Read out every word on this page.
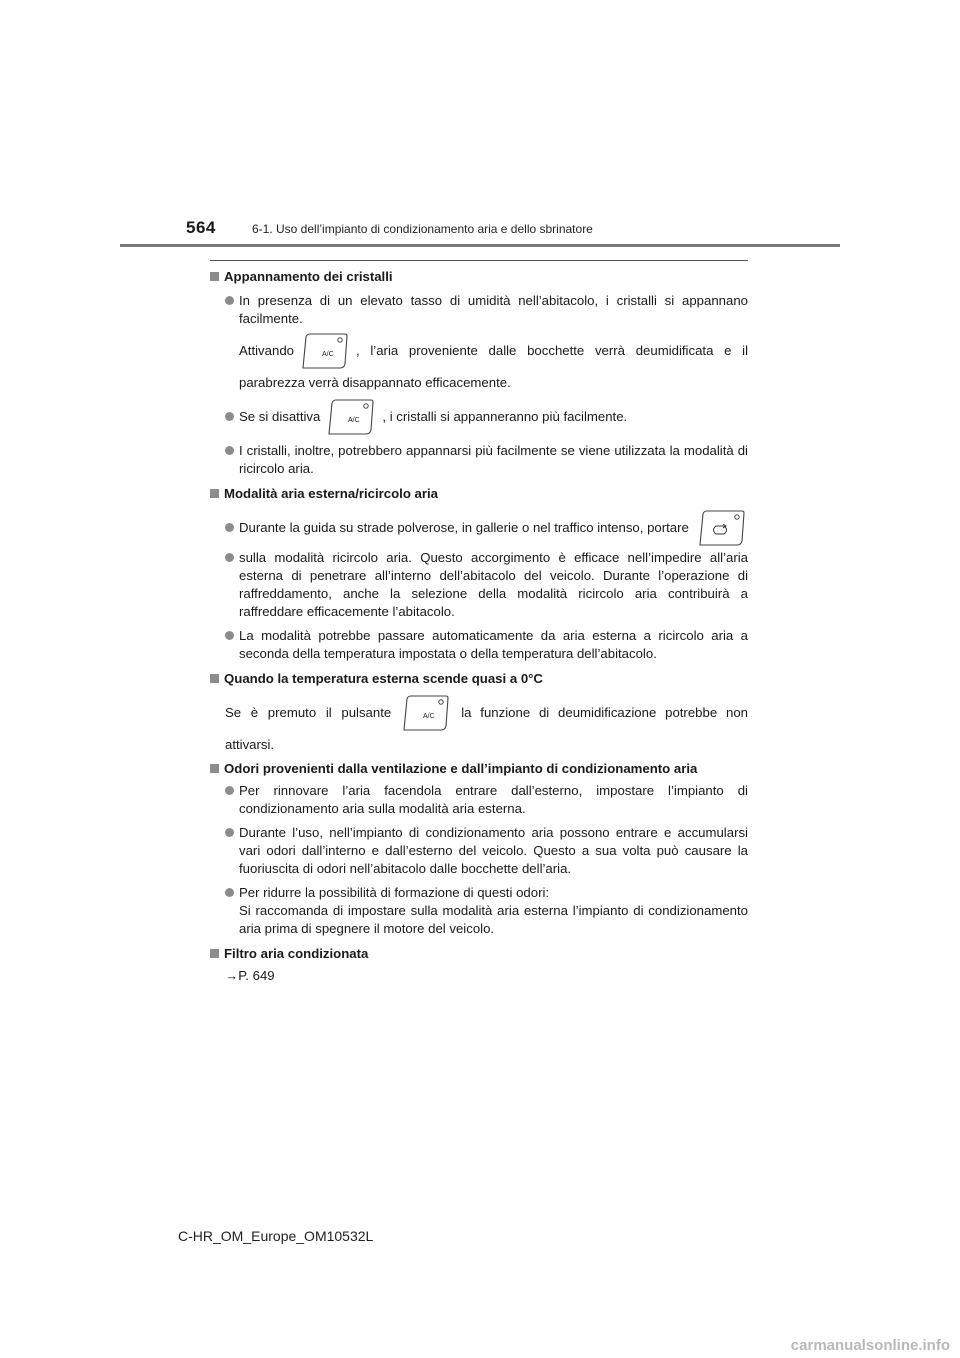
564	6-1. Uso dell’impianto di condizionamento aria e dello sbrinatore

Appannamento dei cristalli

In presenza di un elevato tasso di umidità nell’abitacolo, i cristalli si appannano facilmente.

Attivando	A/C , l’aria proveniente dalle bocchette verrà deumidificata e il

parabrezza verrà disappannato efficacemente.

Se si disattiva	A/C , i cristalli si appanneranno più facilmente.

I cristalli, inoltre, potrebbero appannarsi più facilmente se viene utilizzata la modalità di ricircolo aria.

Modalità aria esterna/ricircolo aria

Durante la guida su strade polverose, in gallerie o nel traffico intenso, portare

sulla modalità ricircolo aria. Questo accorgimento è efficace nell’impedire all’aria esterna di penetrare all’interno dell’abitacolo del veicolo. Durante l’operazione di raffreddamento, anche la selezione della modalità ricircolo aria contribuirà a raffreddare efficacemente l’abitacolo.

La modalità potrebbe passare automaticamente da aria esterna a ricircolo aria a seconda della temperatura impostata o della temperatura dell’abitacolo.

Quando la temperatura esterna scende quasi a 0°C

Se è premuto il pulsante	A/C la funzione di deumidificazione potrebbe non

attivarsi.

Odori provenienti dalla ventilazione e dall’impianto di condizionamento aria

Per rinnovare l’aria facendola entrare dall’esterno, impostare l’impianto di condizionamento aria sulla modalità aria esterna.

Durante l’uso, nell’impianto di condizionamento aria possono entrare e accumularsi vari odori dall’interno e dall’esterno del veicolo. Questo a sua volta può causare la fuoriuscita di odori nell’abitacolo dalle bocchette dell’aria.

Per ridurre la possibilità di formazione di questi odori:
Si raccomanda di impostare sulla modalità aria esterna l’impianto di condizionamento aria prima di spegnere il motore del veicolo.

Filtro aria condizionata

→P. 649

C-HR_OM_Europe_OM10532L
carmanualsonline.info
